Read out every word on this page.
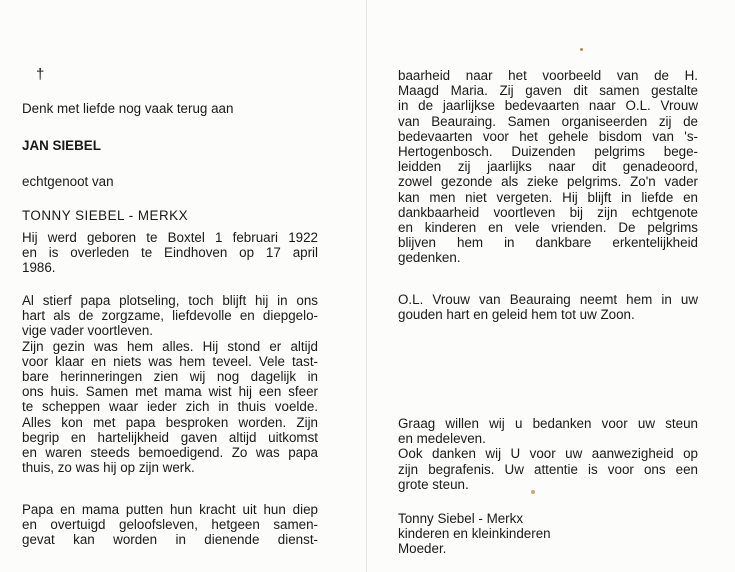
†
Denk met liefde nog vaak terug aan
JAN SIEBEL
echtgenoot van
TONNY SIEBEL - MERKX
Hij werd geboren te Boxtel 1 februari 1922
en is overleden te Eindhoven op 17 april
1986.
Al stierf papa plotseling, toch blijft hij in ons
hart als de zorgzame, liefdevolle en diepgelo-
vige vader voortleven.
Zijn gezin was hem alles. Hij stond er altijd
voor klaar en niets was hem teveel. Vele tast-
bare herinneringen zien wij nog dagelijk in
ons huis. Samen met mama wist hij een sfeer
te scheppen waar ieder zich in thuis voelde.
Alles kon met papa besproken worden. Zijn
begrip en hartelijkheid gaven altijd uitkomst
en waren steeds bemoedigend. Zo was papa
thuis, zo was hij op zijn werk.
Papa en mama putten hun kracht uit hun diep
en overtuigd geloofsleven, hetgeen samen-
gevat kan worden in dienende dienst-
baarheid naar het voorbeeld van de H.
Maagd Maria. Zij gaven dit samen gestalte
in de jaarlijkse bedevaarten naar O.L. Vrouw
van Beauraing. Samen organiseerden zij de
bedevaarten voor het gehele bisdom van 's-
Hertogenbosch. Duizenden pelgrims bege-
leidden zij jaarlijks naar dit genadeoord,
zowel gezonde als zieke pelgrims. Zo'n vader
kan men niet vergeten. Hij blijft in liefde en
dankbaarheid voortleven bij zijn echtgenote
en kinderen en vele vrienden. De pelgrims
blijven hem in dankbare erkentelijkheid
gedenken.
O.L. Vrouw van Beauraing neemt hem in uw
gouden hart en geleid hem tot uw Zoon.
Graag willen wij u bedanken voor uw steun
en medeleven.
Ook danken wij U voor uw aanwezigheid op
zijn begrafenis. Uw attentie is voor ons een
grote steun.
Tonny Siebel - Merkx
kinderen en kleinkinderen
Moeder.
